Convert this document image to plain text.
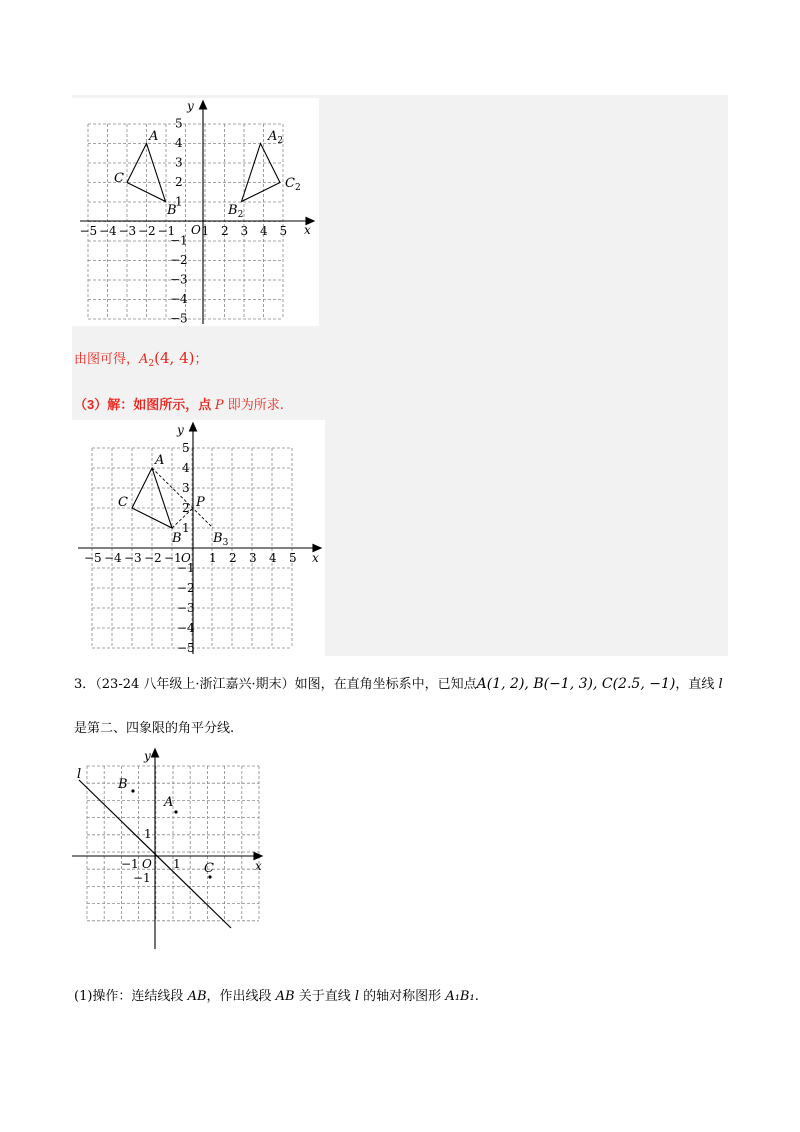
−5 −4 −3 −2 −1 1 2 3 4 5
1
2
3
4
5
−1
−2
−3
−4
−5
x
y
O
A
C
B
$A_2$
$C_2$
$B_2$
由图可得，$A_2(4$, 4)；
（3）解：如图所示，点 P 即为所求.
−5 −4 −3 −2 −1 1 2 3 4 5
1
2
3
4
5
−1
−2
−3
−4
−5
x
y
O
A
C
B
P
$B_3$
3．（23-24 八年级上·浙江嘉兴·期末）如图，在直角坐标系中，已知点A(1, 2), B(−1, 3), C(2.5, −1)，直线 l
是第二、四象限的角平分线.
l
B
A
C	x
y
O
−1	1
1
−1
(1)操作：连结线段 AB，作出线段 AB 关于直线 l 的轴对称图形 A₁B₁.
